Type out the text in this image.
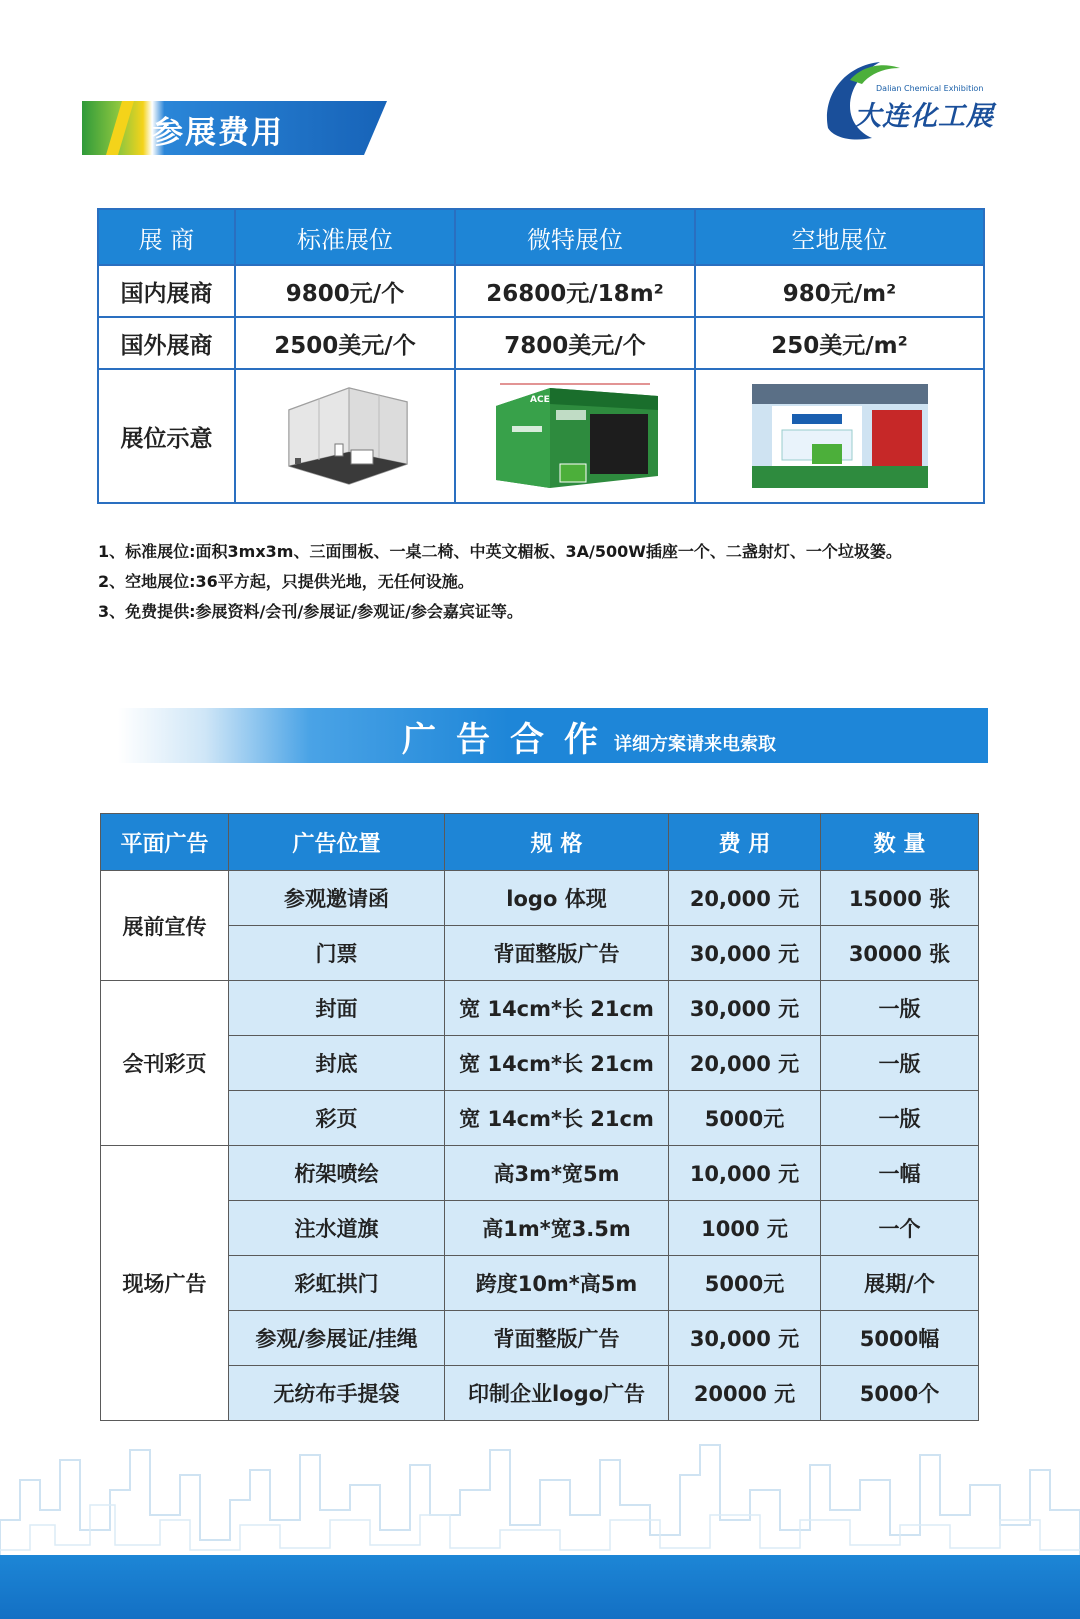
参展费用
Dalian Chemical Exhibition
大连化工展
展 商	标准展位	微特展位	空地展位
国内展商	9800元/个	26800元/18m²	980元/m²
国外展商	2500美元/个	7800美元/个	250美元/m²
展位示意		ACE

1、标准展位:面积3mx3m、三面围板、一桌二椅、中英文楣板、3A/500W插座一个、二盏射灯、一个垃圾篓。
2、空地展位:36平方起，只提供光地，无任何设施。
3、免费提供:参展资料/会刊/参展证/参观证/参会嘉宾证等。
广告合作
详细方案请来电索取
平面广告	广告位置	规 格	费 用	数 量
展前宣传	参观邀请函	logo 体现	20,000 元	15000 张
	门票	背面整版广告	30,000 元	30000 张
会刊彩页	封面	宽 14cm*长 21cm	30,000 元	一版
	封底	宽 14cm*长 21cm	20,000 元	一版
	彩页	宽 14cm*长 21cm	5000元	一版
现场广告	桁架喷绘	高3m*宽5m	10,000 元	一幅
	注水道旗	高1m*宽3.5m	1000 元	一个
	彩虹拱门	跨度10m*高5m	5000元	展期/个
	参观/参展证/挂绳	背面整版广告	30,000 元	5000幅
	无纺布手提袋	印制企业logo广告	20000 元	5000个
